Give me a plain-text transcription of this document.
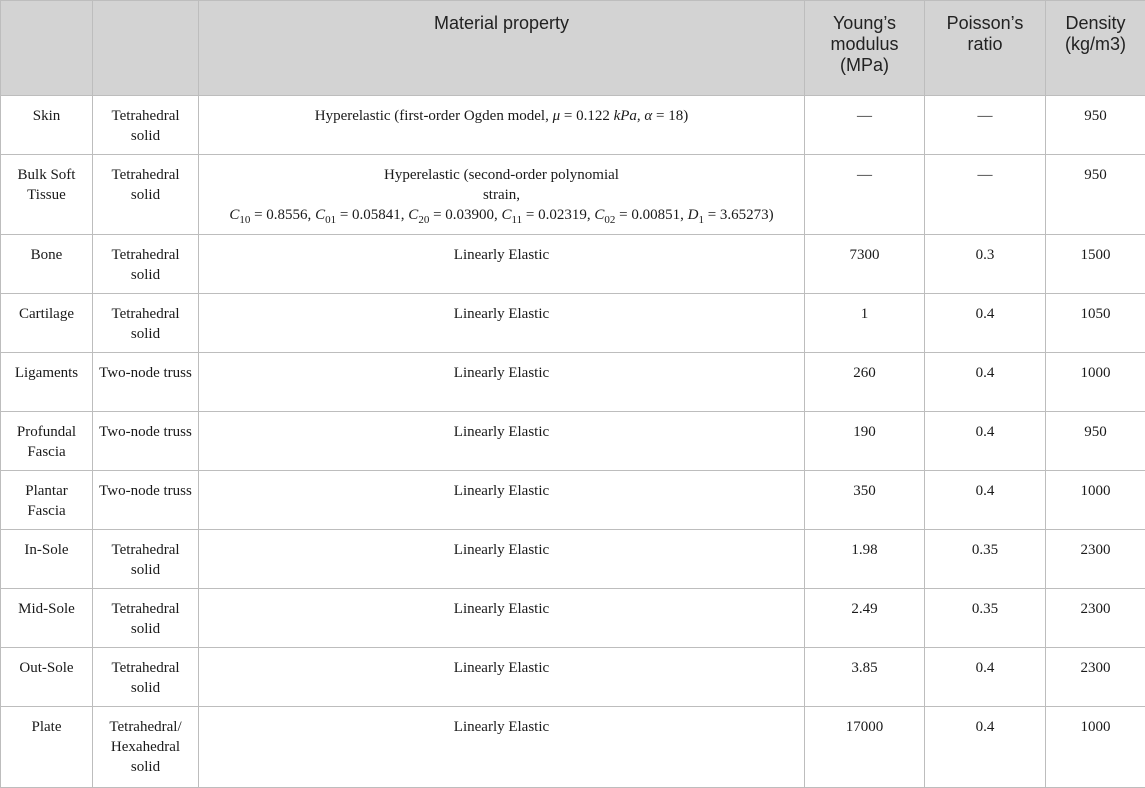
		Material property	Young’s modulus (MPa)	Poisson’s ratio	Density (kg/m3)
Skin	Tetrahedral solid	Hyperelastic (first-order Ogden model, μ = 0.122 kPa, α = 18)	—	—	950
Bulk Soft Tissue	Tetrahedral solid	Hyperelastic (second-order polynomial
strain,
$C_{10} = 0.8556$, $C_{01} = 0.05841$, $C_{20} = 0.03900$, $C_{11} = 0.02319$, $C_{02} = 0.00851$, $D_1 = 3.65273$)	—	—	950
Bone	Tetrahedral solid	Linearly Elastic	7300	0.3	1500
Cartilage	Tetrahedral solid	Linearly Elastic	1	0.4	1050
Ligaments	Two-node truss	Linearly Elastic	260	0.4	1000
Profundal Fascia	Two-node truss	Linearly Elastic	190	0.4	950
Plantar Fascia	Two-node truss	Linearly Elastic	350	0.4	1000
In-Sole	Tetrahedral solid	Linearly Elastic	1.98	0.35	2300
Mid-Sole	Tetrahedral solid	Linearly Elastic	2.49	0.35	2300
Out-Sole	Tetrahedral solid	Linearly Elastic	3.85	0.4	2300
Plate	Tetrahedral/ Hexahedral solid	Linearly Elastic	17000	0.4	1000
